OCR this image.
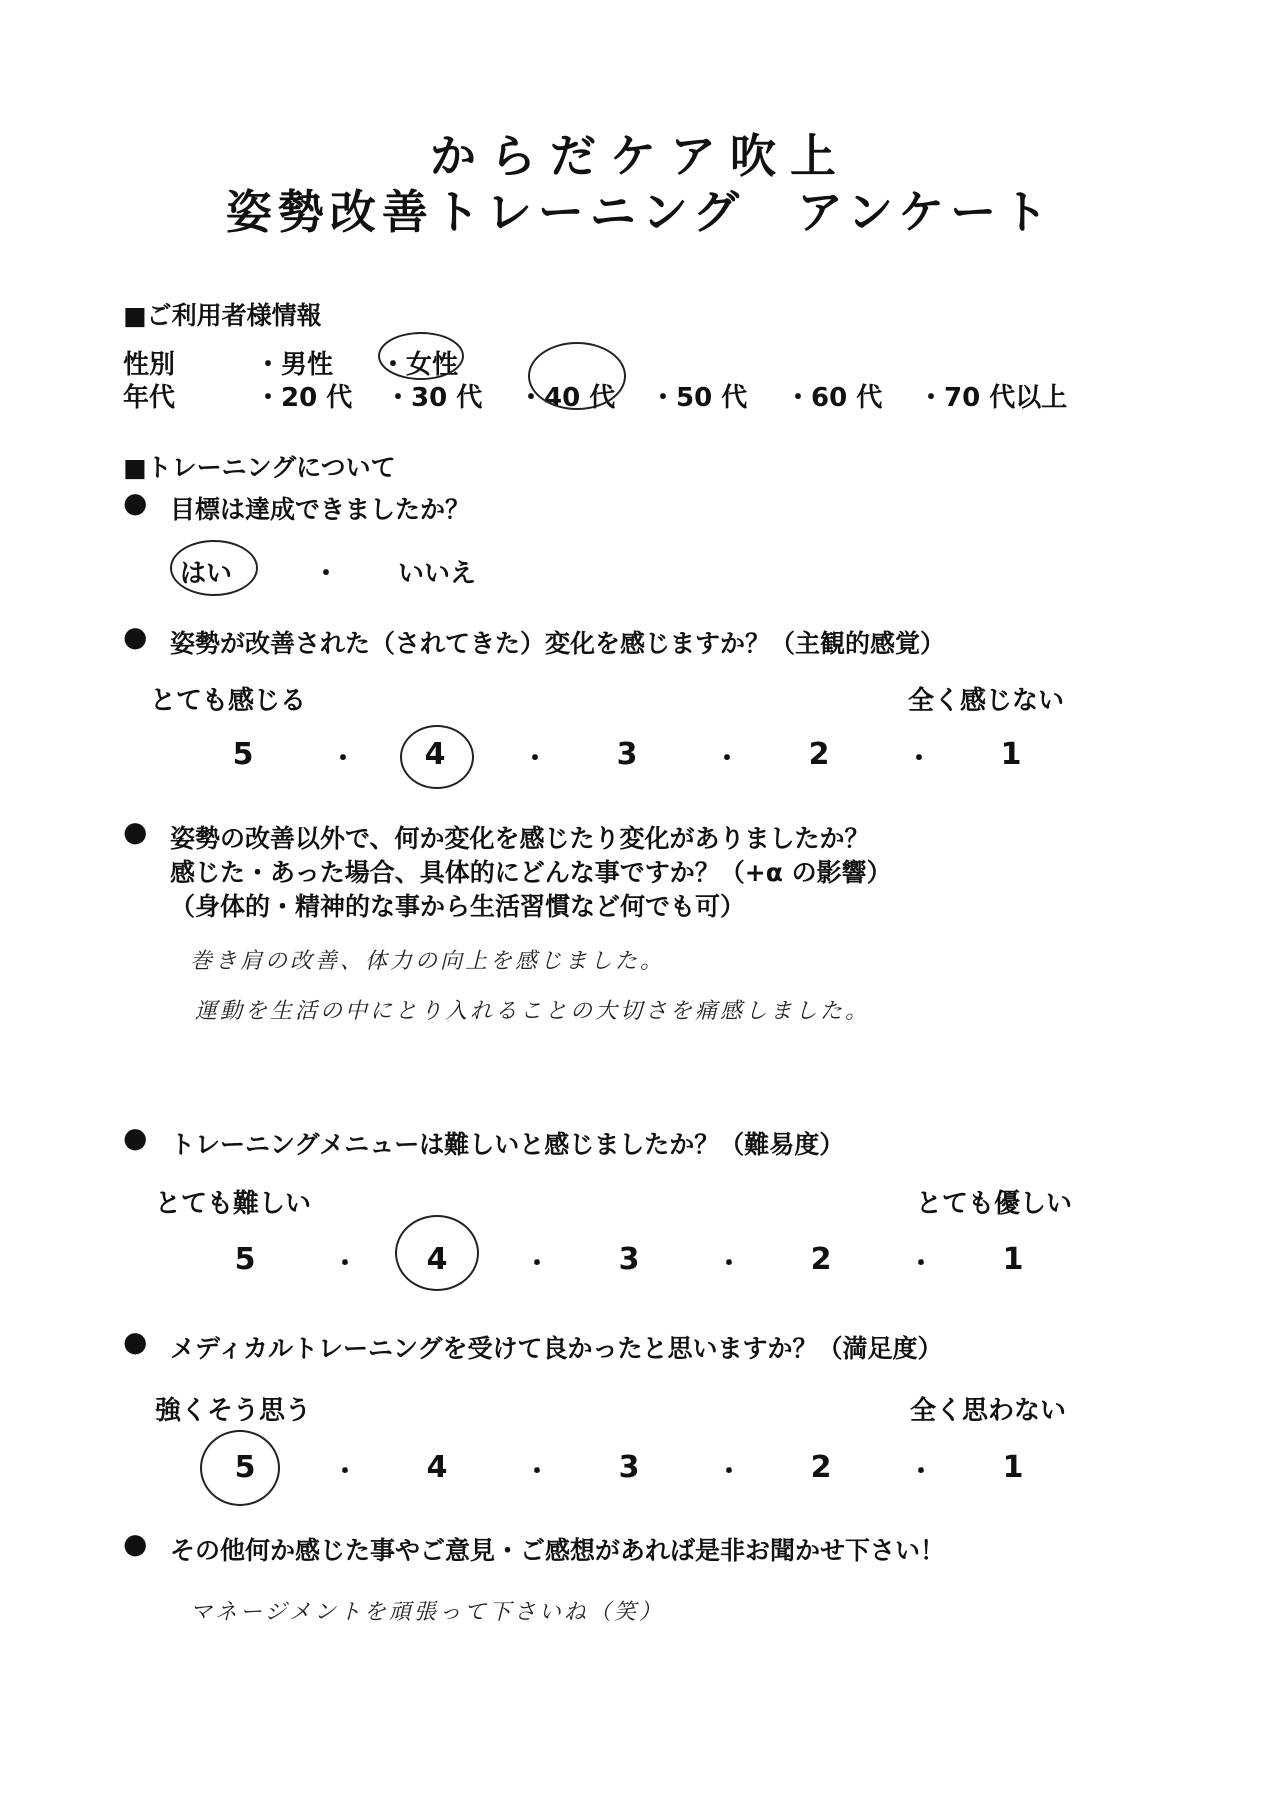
からだケア吹上
姿勢改善トレーニング　アンケート
■ご利用者様情報
性別	・男性 ・女性
年代	・20 代 ・30 代 ・40 代 ・50 代 ・60 代 ・70 代以上
■トレーニングについて
● 目標は達成できましたか？
はい	・ いいえ
● 姿勢が改善された（されてきた）変化を感じますか？（主観的感覚）
とても感じる	全く感じない
5	・ 4	・ 3	・ 2	・ 1
● 姿勢の改善以外で、何か変化を感じたり変化がありましたか？
感じた・あった場合、具体的にどんな事ですか？（+α の影響）
（身体的・精神的な事から生活習慣など何でも可）
巻き肩の改善、体力の向上を感じました。
運動を生活の中にとり入れることの大切さを痛感しました。
● トレーニングメニューは難しいと感じましたか？（難易度）
とても難しい	とても優しい
5	・ 4	・ 3	・ 2	・ 1
● メディカルトレーニングを受けて良かったと思いますか？（満足度）
強くそう思う	全く思わない
5	・ 4	・ 3	・ 2	・ 1
● その他何か感じた事やご意見・ご感想があれば是非お聞かせ下さい！
マネージメントを頑張って下さいね（笑）
